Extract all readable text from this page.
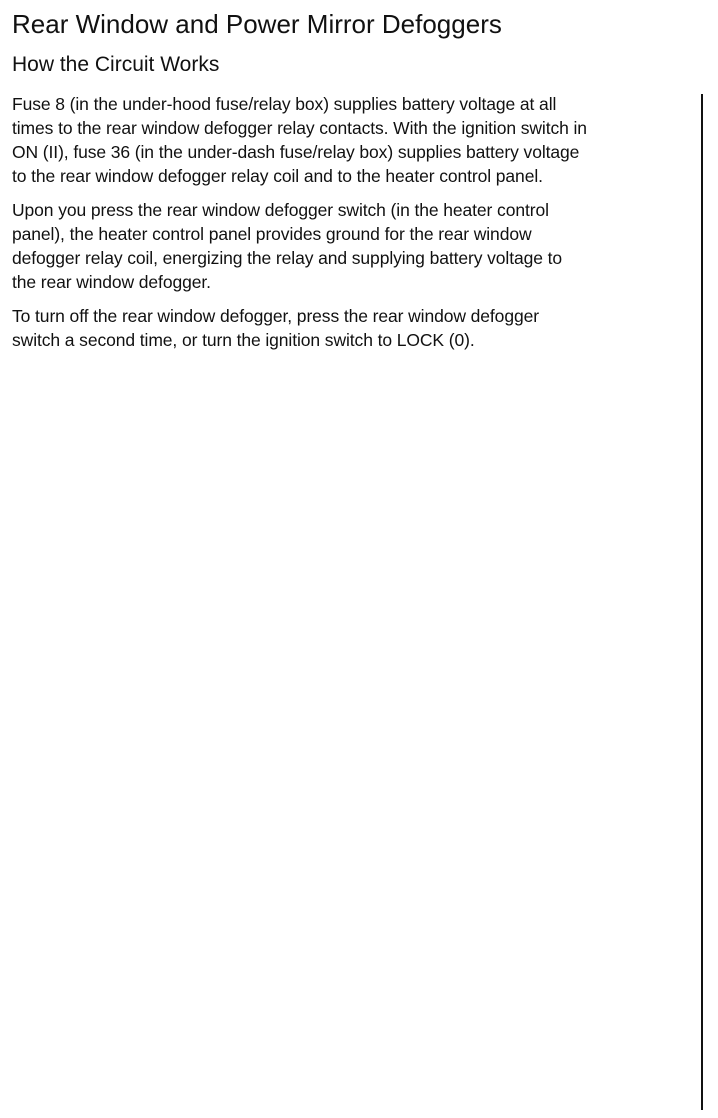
Rear Window and Power Mirror Defoggers
How the Circuit Works

Fuse 8 (in the under-hood fuse/relay box) supplies battery voltage at all
times to the rear window defogger relay contacts. With the ignition switch in
ON (II), fuse 36 (in the under-dash fuse/relay box) supplies battery voltage
to the rear window defogger relay coil and to the heater control panel.

Upon you press the rear window defogger switch (in the heater control
panel), the heater control panel provides ground for the rear window
defogger relay coil, energizing the relay and supplying battery voltage to
the rear window defogger.

To turn off the rear window defogger, press the rear window defogger
switch a second time, or turn the ignition switch to LOCK (0).
